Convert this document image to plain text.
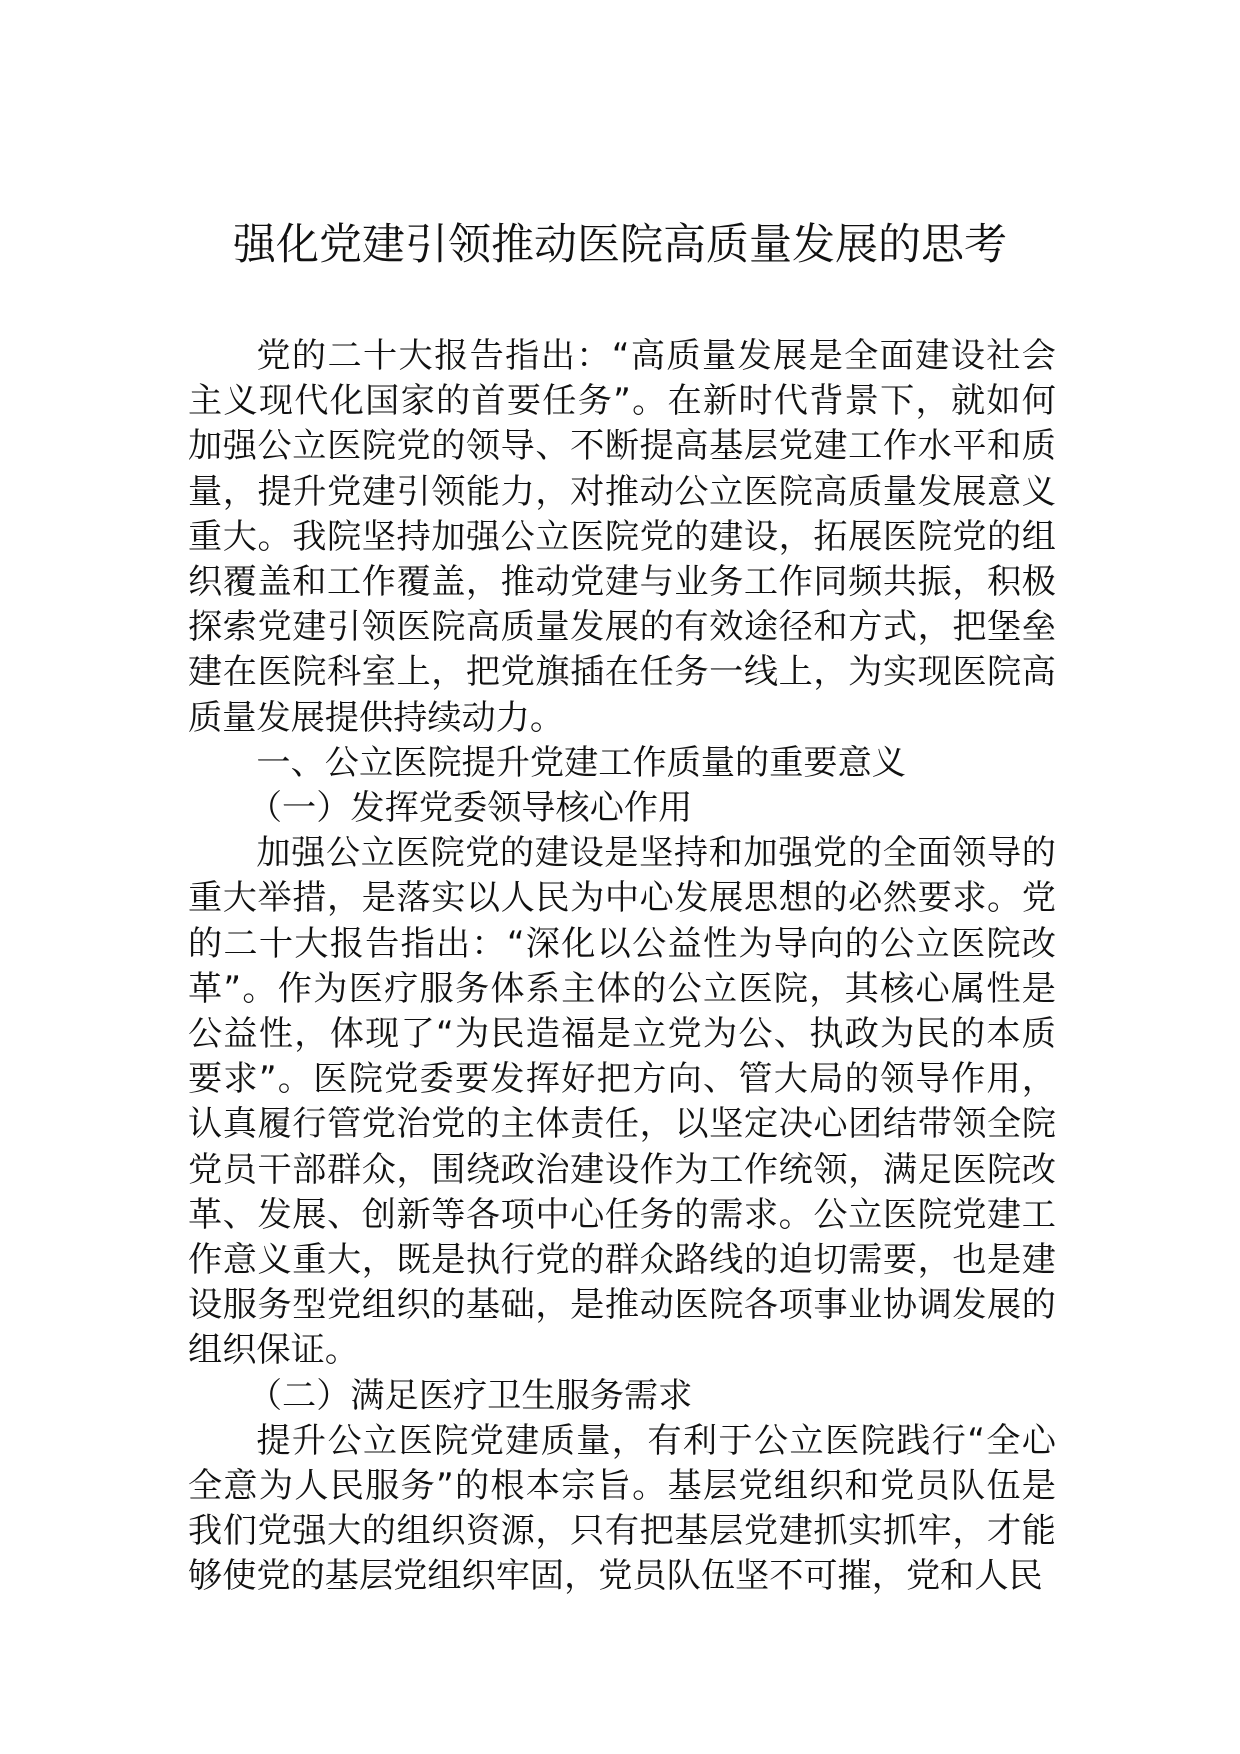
强化党建引领推动医院高质量发展的思考

党的二十大报告指出：“高质量发展是全面建设社会主义现代化国家的首要任务”。在新时代背景下，就如何加强公立医院党的领导、不断提高基层党建工作水平和质量，提升党建引领能力，对推动公立医院高质量发展意义重大。我院坚持加强公立医院党的建设，拓展医院党的组织覆盖和工作覆盖，推动党建与业务工作同频共振，积极探索党建引领医院高质量发展的有效途径和方式，把堡垒建在医院科室上，把党旗插在任务一线上，为实现医院高质量发展提供持续动力。

一、公立医院提升党建工作质量的重要意义

（一）发挥党委领导核心作用

加强公立医院党的建设是坚持和加强党的全面领导的重大举措，是落实以人民为中心发展思想的必然要求。党的二十大报告指出：“深化以公益性为导向的公立医院改革”。作为医疗服务体系主体的公立医院，其核心属性是公益性，体现了“为民造福是立党为公、执政为民的本质要求”。医院党委要发挥好把方向、管大局的领导作用，认真履行管党治党的主体责任，以坚定决心团结带领全院党员干部群众，围绕政治建设作为工作统领，满足医院改革、发展、创新等各项中心任务的需求。公立医院党建工作意义重大，既是执行党的群众路线的迫切需要，也是建设服务型党组织的基础，是推动医院各项事业协调发展的组织保证。

（二）满足医疗卫生服务需求

提升公立医院党建质量，有利于公立医院践行“全心全意为人民服务”的根本宗旨。基层党组织和党员队伍是我们党强大的组织资源，只有把基层党建抓实抓牢，才能够使党的基层党组织牢固，党员队伍坚不可摧，党和人民
